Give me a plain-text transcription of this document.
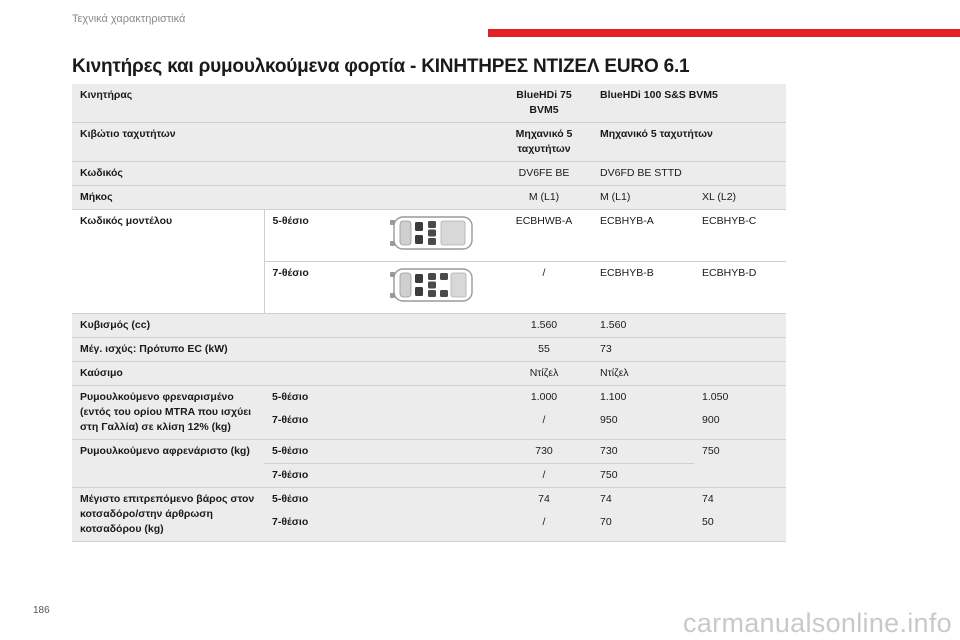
Τεχνικά χαρακτηριστικά
Κινητήρες και ρυμουλκούμενα φορτία - ΚΙΝΗΤΗΡΕΣ ΝΤΙΖΕΛ EURO 6.1
Κινητήρας			BlueHDi 75 BVM5	BlueHDi 100 S&S BVM5	
Κιβώτιο ταχυτήτων			Μηχανικό 5 ταχυτήτων	Μηχανικό 5 ταχυτήτων	
Κωδικός			DV6FE BE	DV6FD BE STTD	
Μήκος			M (L1)	M (L1)	XL (L2)
Κωδικός μοντέλου	5-θέσιο		ECBHWB-A	ECBHYB-A	ECBHYB-C
	7-θέσιο		/	ECBHYB-B	ECBHYB-D
Κυβισμός (cc)			1.560	1.560	
Μέγ. ισχύς: Πρότυπο EC (kW)			55	73	
Καύσιμο			Ντίζελ	Ντίζελ	
Ρυμουλκούμενο φρεναρισμένο (εντός του ορίου MTRA που ισχύει στη Γαλλία) σε κλίση 12% (kg)	5-θέσιο		1.000	1.100	1.050
	7-θέσιο		/	950	900
Ρυμουλκούμενο αφρενάριστο (kg)	5-θέσιο		730	730	750
	7-θέσιο		/	750	
Μέγιστο επιτρεπόμενο βάρος στον κοτσαδόρο/στην άρθρωση κοτσαδόρου (kg)	5-θέσιο		74	74	74
	7-θέσιο		/	70	50
186	carmanualsonline.info
